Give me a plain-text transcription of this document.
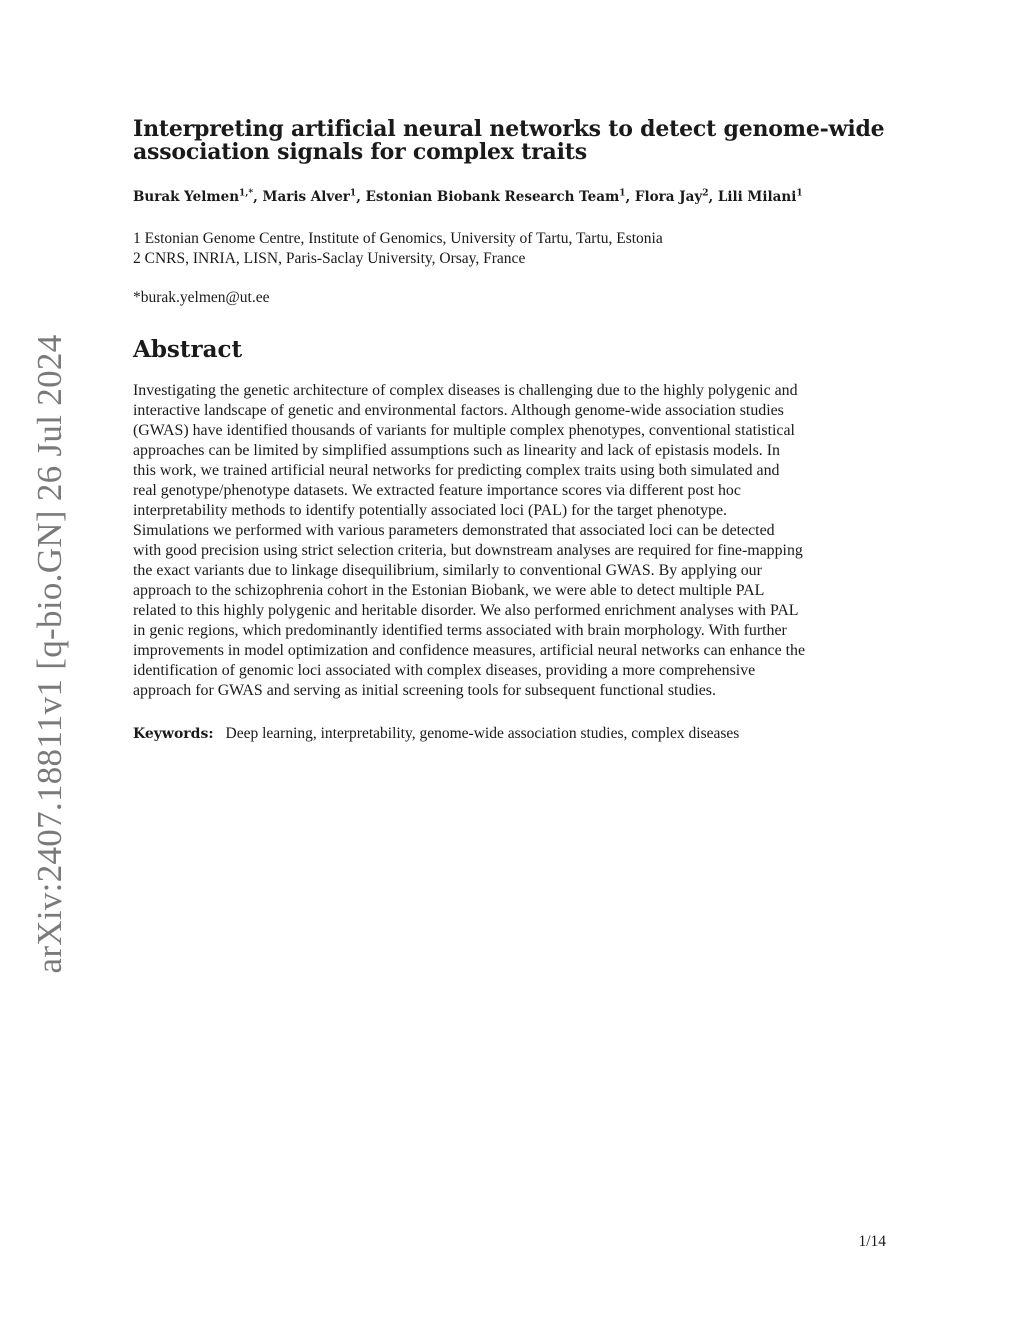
arXiv:2407.18811v1 [q-bio.GN] 26 Jul 2024
Interpreting artificial neural networks to detect genome-wide
association signals for complex traits
Burak Yelmen$^{1,*}$, Maris Alver$^1$, Estonian Biobank Research Team$^1$, Flora Jay$^2$, Lili Milani$^1$
1 Estonian Genome Centre, Institute of Genomics, University of Tartu, Tartu, Estonia
2 CNRS, INRIA, LISN, Paris-Saclay University, Orsay, France
*burak.yelmen@ut.ee
Abstract
Investigating the genetic architecture of complex diseases is challenging due to the highly polygenic and
interactive landscape of genetic and environmental factors. Although genome-wide association studies
(GWAS) have identified thousands of variants for multiple complex phenotypes, conventional statistical
approaches can be limited by simplified assumptions such as linearity and lack of epistasis models. In
this work, we trained artificial neural networks for predicting complex traits using both simulated and
real genotype/phenotype datasets. We extracted feature importance scores via different post hoc
interpretability methods to identify potentially associated loci (PAL) for the target phenotype.
Simulations we performed with various parameters demonstrated that associated loci can be detected
with good precision using strict selection criteria, but downstream analyses are required for fine-mapping
the exact variants due to linkage disequilibrium, similarly to conventional GWAS. By applying our
approach to the schizophrenia cohort in the Estonian Biobank, we were able to detect multiple PAL
related to this highly polygenic and heritable disorder. We also performed enrichment analyses with PAL
in genic regions, which predominantly identified terms associated with brain morphology. With further
improvements in model optimization and confidence measures, artificial neural networks can enhance the
identification of genomic loci associated with complex diseases, providing a more comprehensive
approach for GWAS and serving as initial screening tools for subsequent functional studies.
Keywords: Deep learning, interpretability, genome-wide association studies, complex diseases
1/14
